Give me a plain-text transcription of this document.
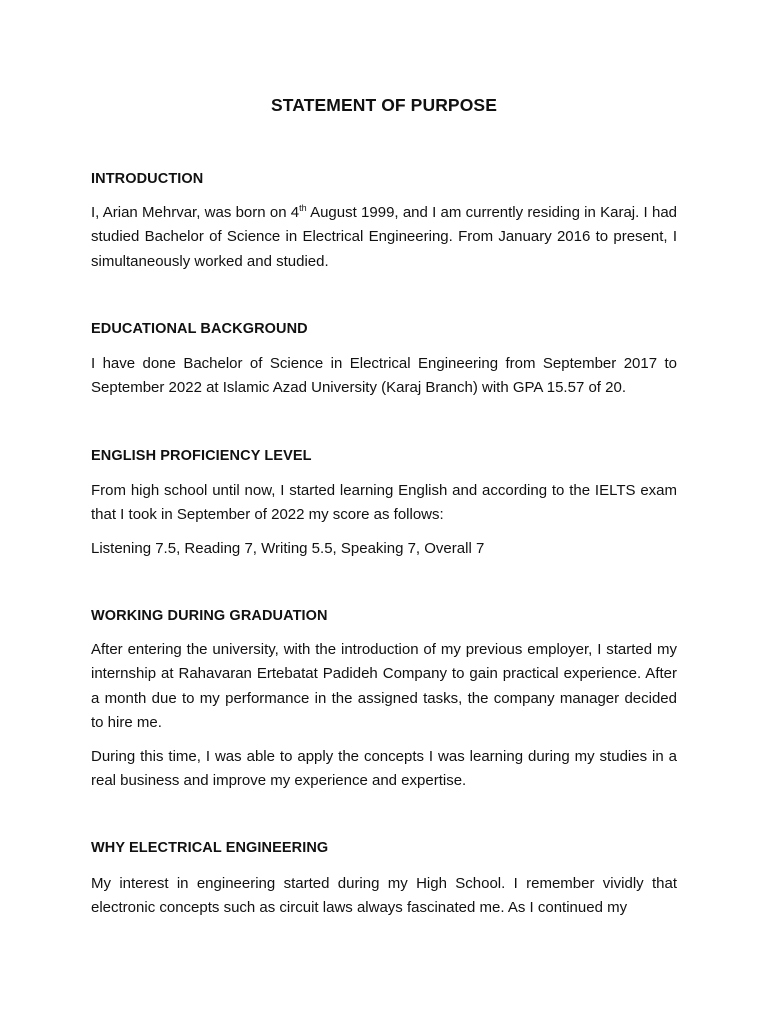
STATEMENT OF PURPOSE
INTRODUCTION
I, Arian Mehrvar, was born on 4th August 1999, and I am currently residing in Karaj. I had studied Bachelor of Science in Electrical Engineering. From January 2016 to present, I simultaneously worked and studied.
EDUCATIONAL BACKGROUND
I have done Bachelor of Science in Electrical Engineering from September 2017 to September 2022 at Islamic Azad University (Karaj Branch) with GPA 15.57 of 20.
ENGLISH PROFICIENCY LEVEL
From high school until now, I started learning English and according to the IELTS exam that I took in September of 2022 my score as follows:
Listening 7.5, Reading 7, Writing 5.5, Speaking 7, Overall 7
WORKING DURING GRADUATION
After entering the university, with the introduction of my previous employer, I started my internship at Rahavaran Ertebatat Padideh Company to gain practical experience. After a month due to my performance in the assigned tasks, the company manager decided to hire me.
During this time, I was able to apply the concepts I was learning during my studies in a real business and improve my experience and expertise.
WHY ELECTRICAL ENGINEERING
My interest in engineering started during my High School. I remember vividly that electronic concepts such as circuit laws always fascinated me. As I continued my
